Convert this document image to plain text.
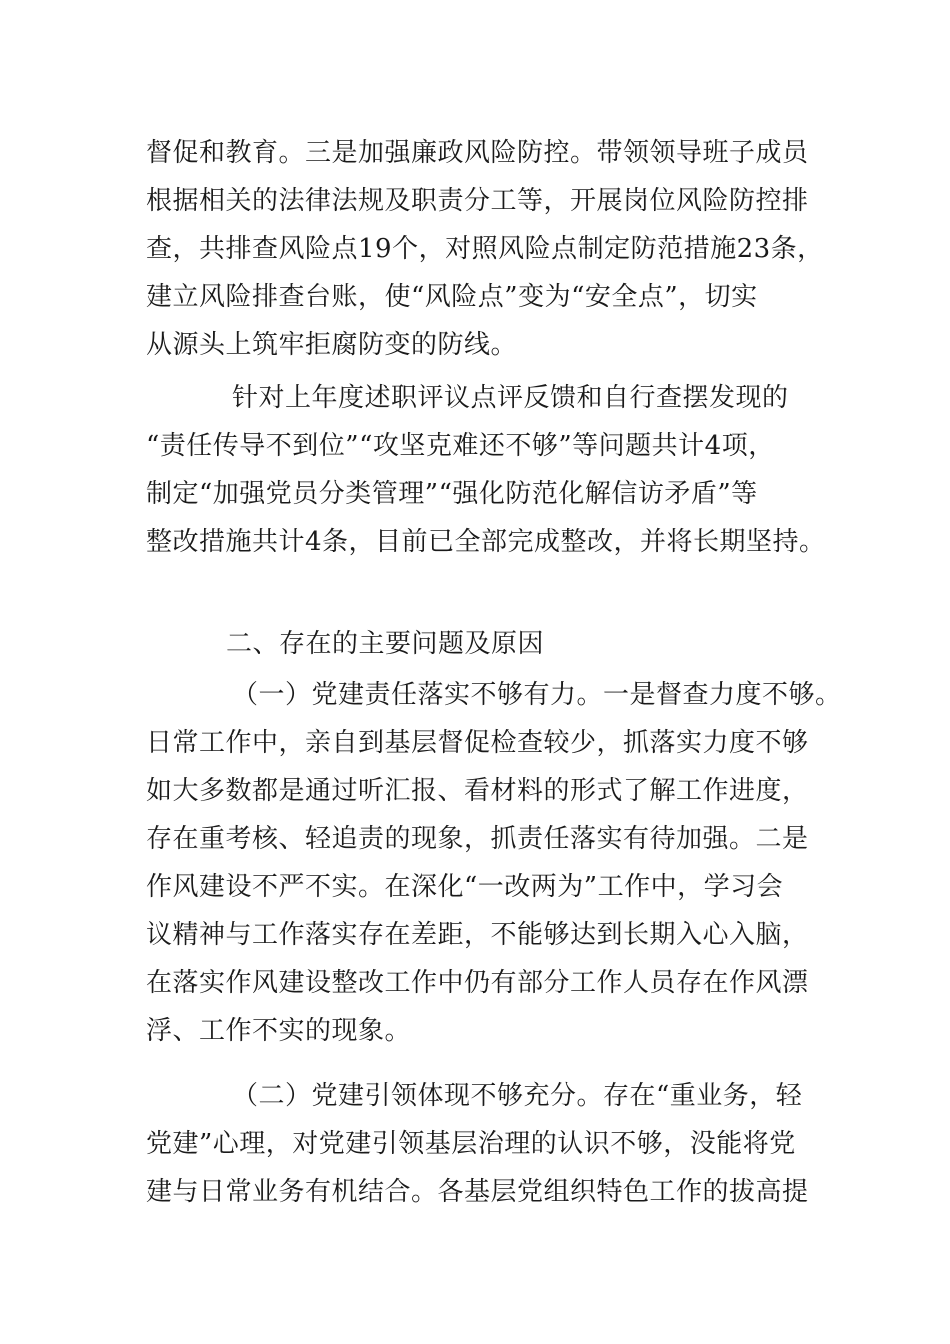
督促和教育。三是加强廉政风险防控。带领领导班子成员
根据相关的法律法规及职责分工等，开展岗位风险防控排
查，共排查风险点19个，对照风险点制定防范措施23条，
建立风险排查台账，使“风险点”变为“安全点”，切实
从源头上筑牢拒腐防变的防线。
针对上年度述职评议点评反馈和自行查摆发现的
“责任传导不到位”“攻坚克难还不够”等问题共计4项，
制定“加强党员分类管理”“强化防范化解信访矛盾”等
整改措施共计4条，目前已全部完成整改，并将长期坚持。
二、存在的主要问题及原因
（一）党建责任落实不够有力。一是督查力度不够。
日常工作中，亲自到基层督促检查较少，抓落实力度不够
如大多数都是通过听汇报、看材料的形式了解工作进度，
存在重考核、轻追责的现象，抓责任落实有待加强。二是
作风建设不严不实。在深化“一改两为”工作中，学习会
议精神与工作落实存在差距，不能够达到长期入心入脑，
在落实作风建设整改工作中仍有部分工作人员存在作风漂
浮、工作不实的现象。
（二）党建引领体现不够充分。存在“重业务，轻
党建”心理，对党建引领基层治理的认识不够，没能将党
建与日常业务有机结合。各基层党组织特色工作的拔高提
